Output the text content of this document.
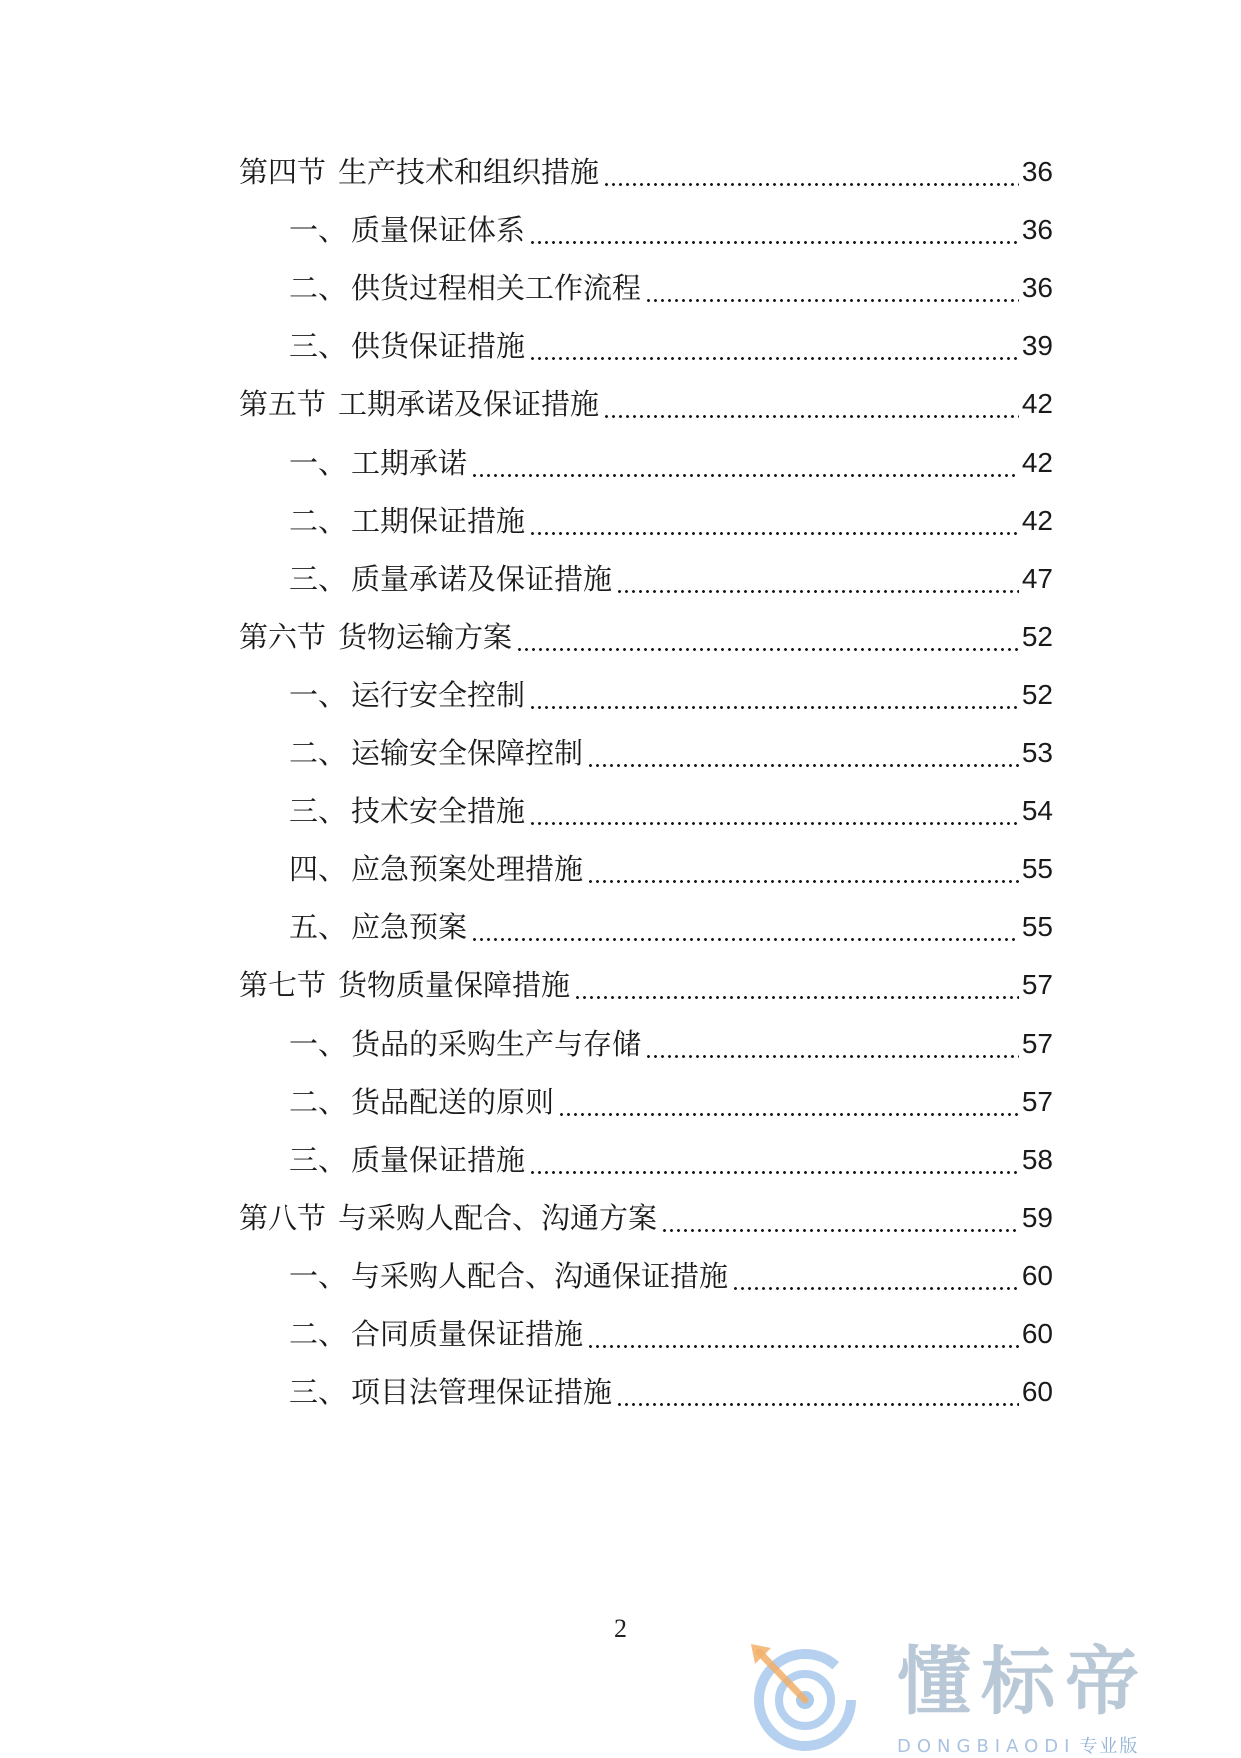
第四节 生产技术和组织措施	36
一、 质量保证体系	36
二、 供货过程相关工作流程	36
三、 供货保证措施	39
第五节 工期承诺及保证措施	42
一、 工期承诺	42
二、 工期保证措施	42
三、 质量承诺及保证措施	47
第六节 货物运输方案	52
一、 运行安全控制	52
二、 运输安全保障控制	53
三、 技术安全措施	54
四、 应急预案处理措施	55
五、 应急预案	55
第七节 货物质量保障措施	57
一、 货品的采购生产与存储	57
二、 货品配送的原则	57
三、 质量保证措施	58
第八节 与采购人配合、沟通方案	59
一、 与采购人配合、沟通保证措施	60
二、 合同质量保证措施	60
三、 项目法管理保证措施	60
2
懂标帝
DONGBIAODI 专业版
